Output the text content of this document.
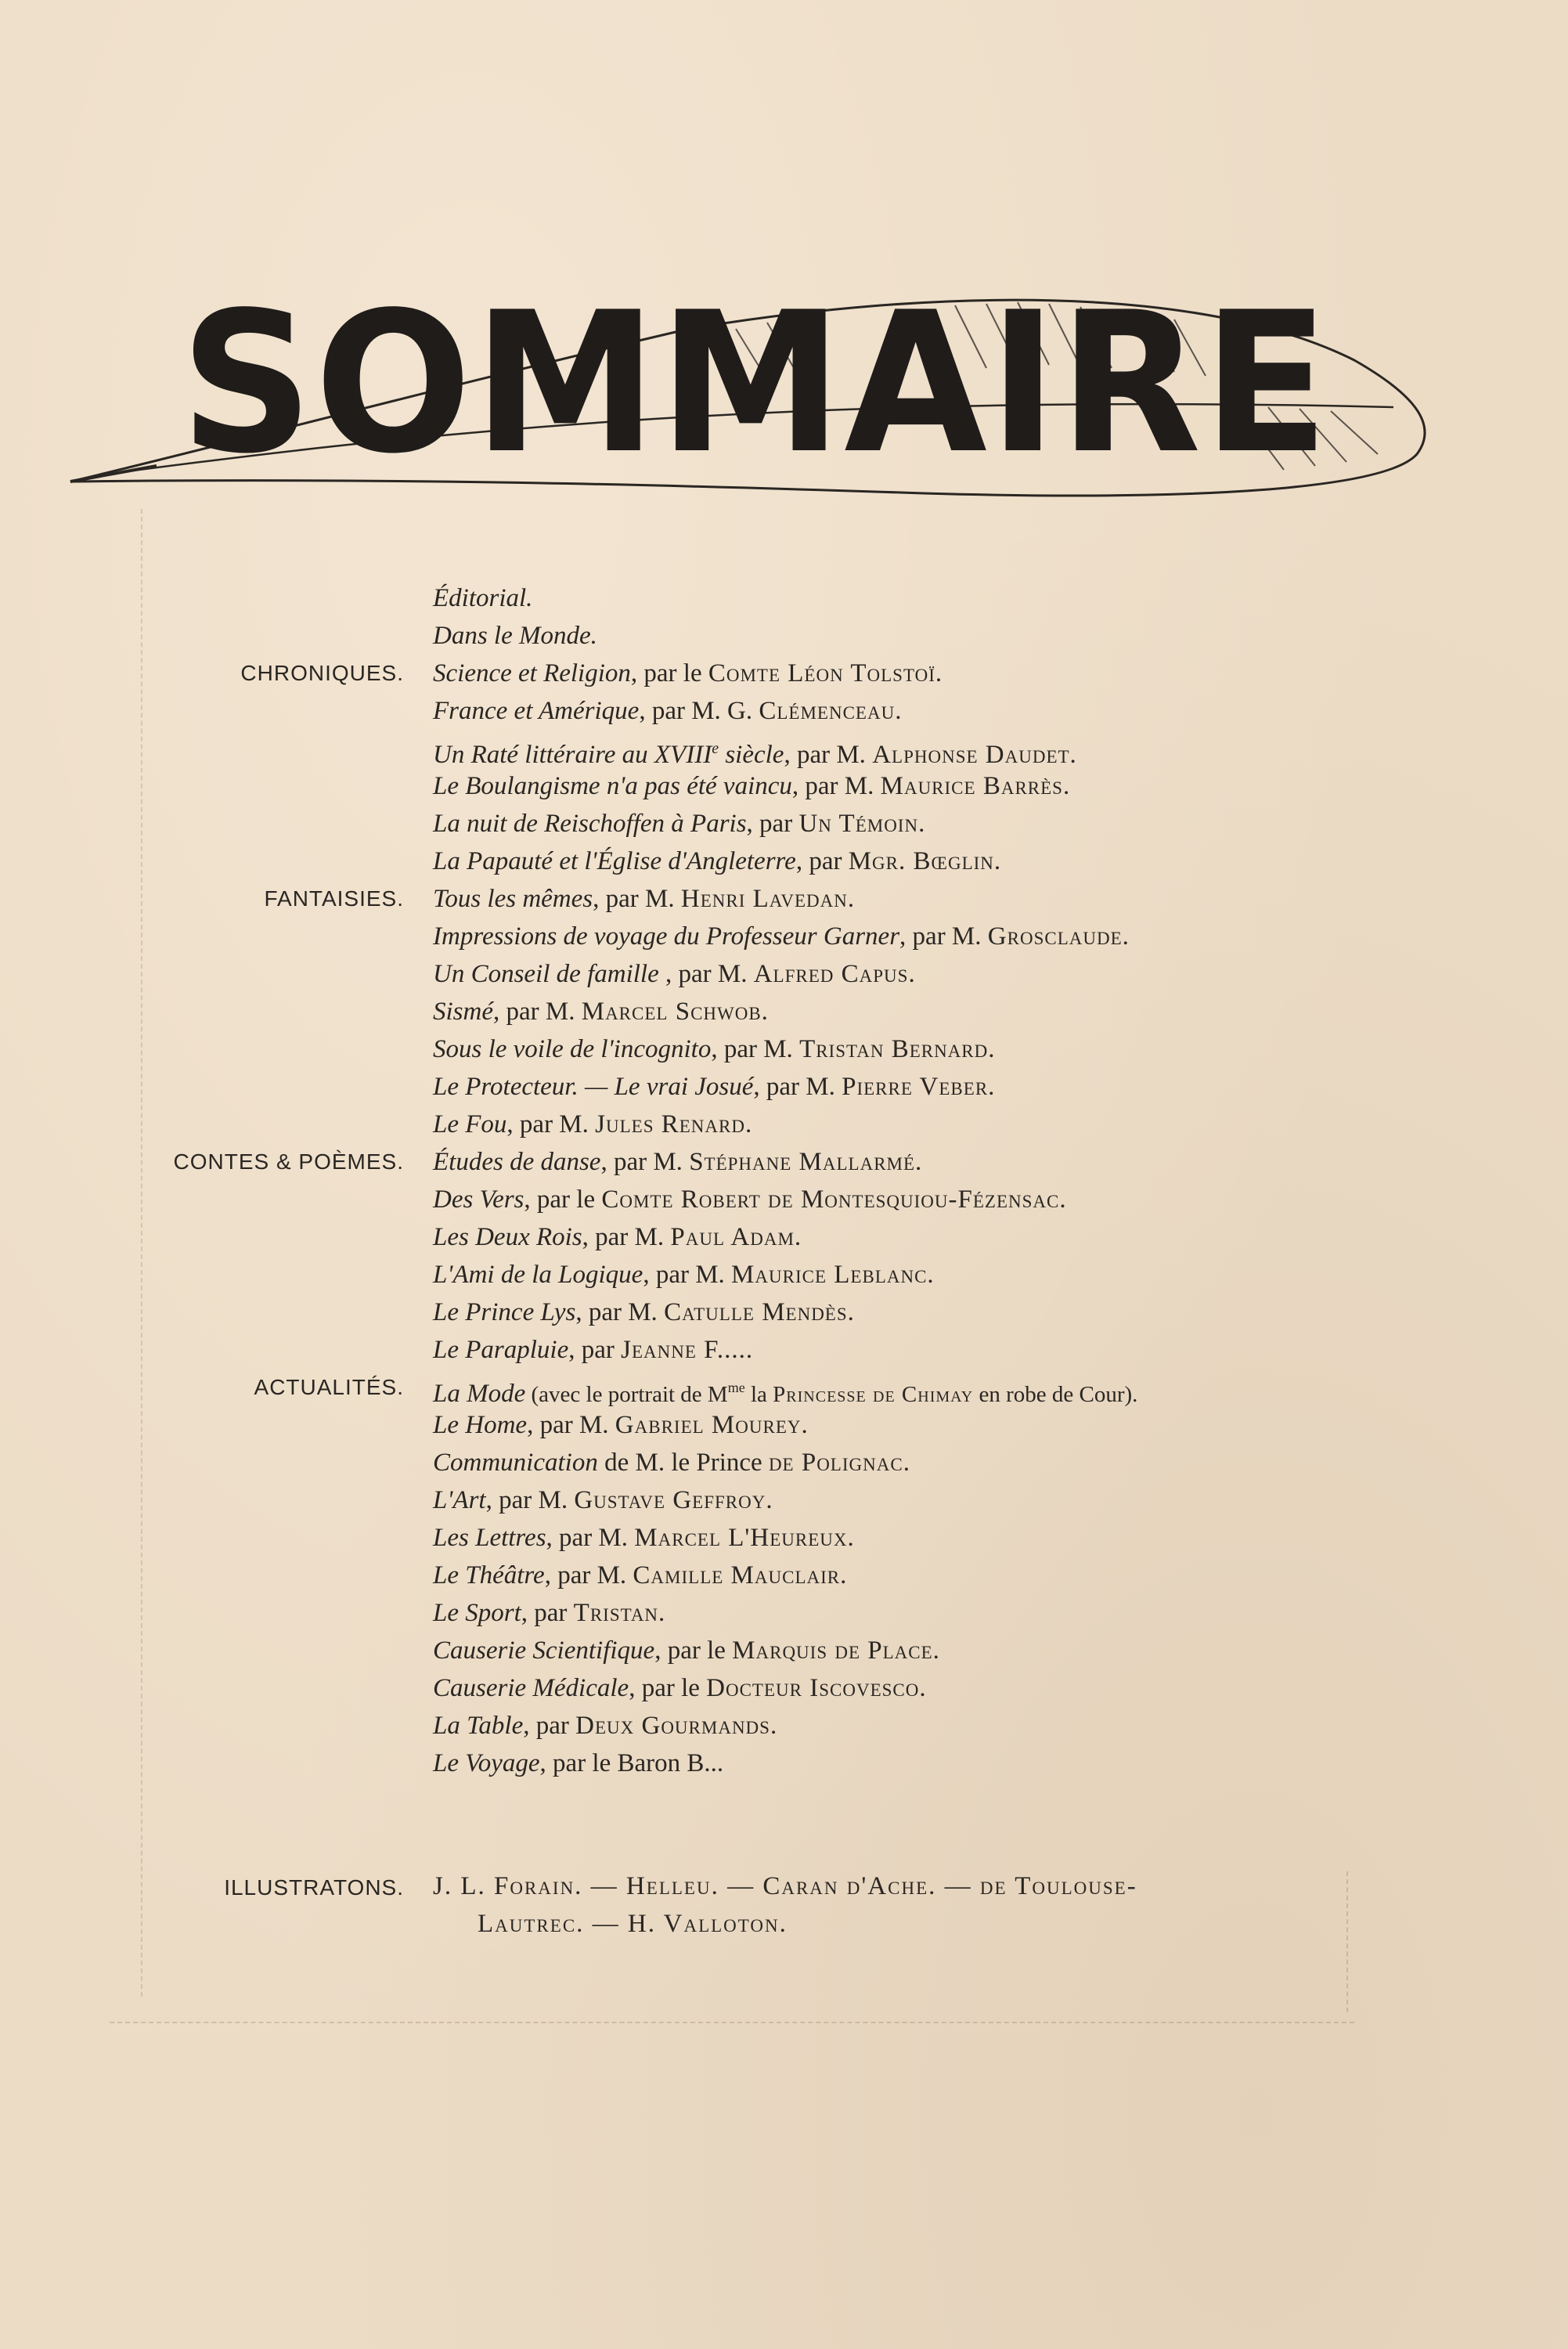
SOMMAIRE
Éditorial.
Dans le Monde.
CHRONIQUES. Science et Religion, par le Comte Léon Tolstoï.
France et Amérique, par M. G. Clémenceau.
Un Raté littéraire au XVIIIe siècle, par M. Alphonse Daudet.
Le Boulangisme n'a pas été vaincu, par M. Maurice Barrès.
La nuit de Reischoffen à Paris, par Un Témoin.
La Papauté et l'Église d'Angleterre, par Mgr. Bœglin.
FANTAISIES. Tous les mêmes, par M. Henri Lavedan.
Impressions de voyage du Professeur Garner, par M. Grosclaude.
Un Conseil de famille , par M. Alfred Capus.
Sismé, par M. Marcel Schwob.
Sous le voile de l'incognito, par M. Tristan Bernard.
Le Protecteur. — Le vrai Josué, par M. Pierre Veber.
Le Fou, par M. Jules Renard.
CONTES & POÈMES. Études de danse, par M. Stéphane Mallarmé.
Des Vers, par le Comte Robert de Montesquiou-Fézensac.
Les Deux Rois, par M. Paul Adam.
L'Ami de la Logique, par M. Maurice Leblanc.
Le Prince Lys, par M. Catulle Mendès.
Le Parapluie, par Jeanne F.....
ACTUALITÉS. La Mode (avec le portrait de M$^{me}$ la Princesse de Chimay en robe de Cour).
Le Home, par M. Gabriel Mourey.
Communication de M. le Prince de Polignac.
L'Art, par M. Gustave Geffroy.
Les Lettres, par M. Marcel L'Heureux.
Le Théâtre, par M. Camille Mauclair.
Le Sport, par Tristan.
Causerie Scientifique, par le Marquis de Place.
Causerie Médicale, par le Docteur Iscovesco.
La Table, par Deux Gourmands.
Le Voyage, par le Baron B...
ILLUSTRATONS. J. L. Forain. — Helleu. — Caran d'Ache. — de Toulouse-
Lautrec. — H. Valloton.
